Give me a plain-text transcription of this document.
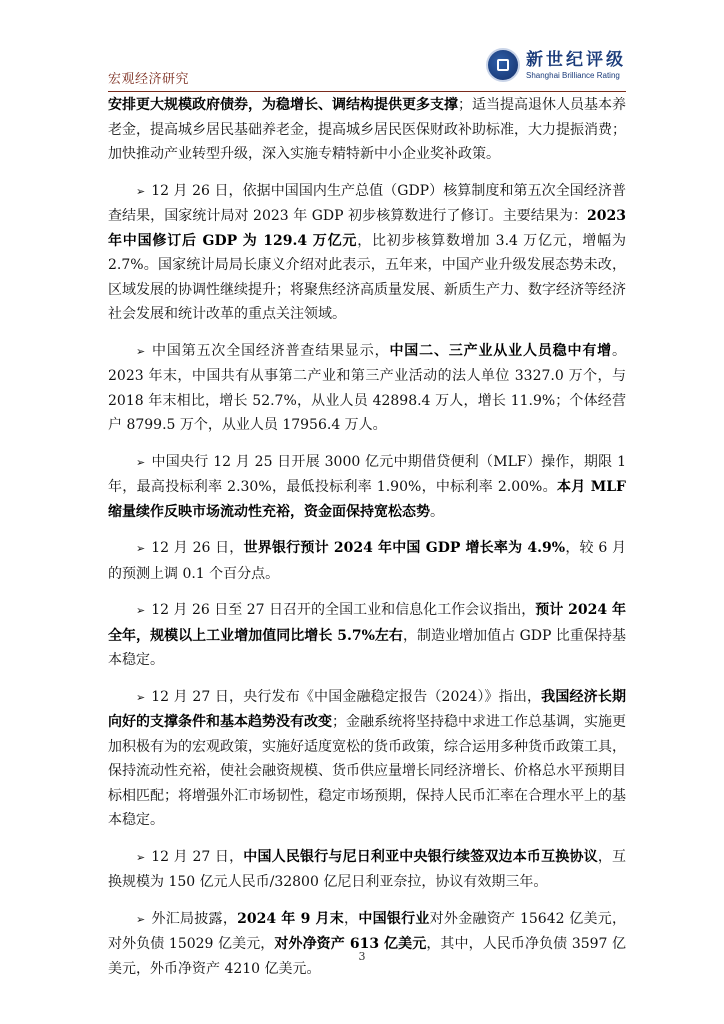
宏观经济研究
新世纪评级
Shanghai Brilliance Rating

安排更大规模政府债券，为稳增长、调结构提供更多支撑；适当提高退休人员基本养老金，提高城乡居民基础养老金，提高城乡居民医保财政补助标准，大力提振消费；加快推动产业转型升级，深入实施专精特新中小企业奖补政策。

➢ 12 月 26 日，依据中国国内生产总值（GDP）核算制度和第五次全国经济普查结果，国家统计局对 2023 年 GDP 初步核算数进行了修订。主要结果为：2023 年中国修订后 GDP 为 129.4 万亿元，比初步核算数增加 3.4 万亿元，增幅为 2.7%。国家统计局局长康义介绍对此表示，五年来，中国产业升级发展态势未改，区域发展的协调性继续提升；将聚焦经济高质量发展、新质生产力、数字经济等经济社会发展和统计改革的重点关注领域。

➢ 中国第五次全国经济普查结果显示，中国二、三产业从业人员稳中有增。2023 年末，中国共有从事第二产业和第三产业活动的法人单位 3327.0 万个，与 2018 年末相比，增长 52.7%，从业人员 42898.4 万人，增长 11.9%；个体经营户 8799.5 万个，从业人员 17956.4 万人。

➢ 中国央行 12 月 25 日开展 3000 亿元中期借贷便利（MLF）操作，期限 1 年，最高投标利率 2.30%，最低投标利率 1.90%，中标利率 2.00%。本月 MLF 缩量续作反映市场流动性充裕，资金面保持宽松态势。

➢ 12 月 26 日，世界银行预计 2024 年中国 GDP 增长率为 4.9%，较 6 月的预测上调 0.1 个百分点。

➢ 12 月 26 日至 27 日召开的全国工业和信息化工作会议指出，预计 2024 年全年，规模以上工业增加值同比增长 5.7%左右，制造业增加值占 GDP 比重保持基本稳定。

➢ 12 月 27 日，央行发布《中国金融稳定报告（2024）》指出，我国经济长期向好的支撑条件和基本趋势没有改变；金融系统将坚持稳中求进工作总基调，实施更加积极有为的宏观政策，实施好适度宽松的货币政策，综合运用多种货币政策工具，保持流动性充裕，使社会融资规模、货币供应量增长同经济增长、价格总水平预期目标相匹配；将增强外汇市场韧性，稳定市场预期，保持人民币汇率在合理水平上的基本稳定。

➢ 12 月 27 日，中国人民银行与尼日利亚中央银行续签双边本币互换协议，互换规模为 150 亿元人民币/32800 亿尼日利亚奈拉，协议有效期三年。

➢ 外汇局披露，2024 年 9 月末，中国银行业对外金融资产 15642 亿美元，对外负债 15029 亿美元，对外净资产 613 亿美元，其中，人民币净负债 3597 亿美元，外币净资产 4210 亿美元。

3
